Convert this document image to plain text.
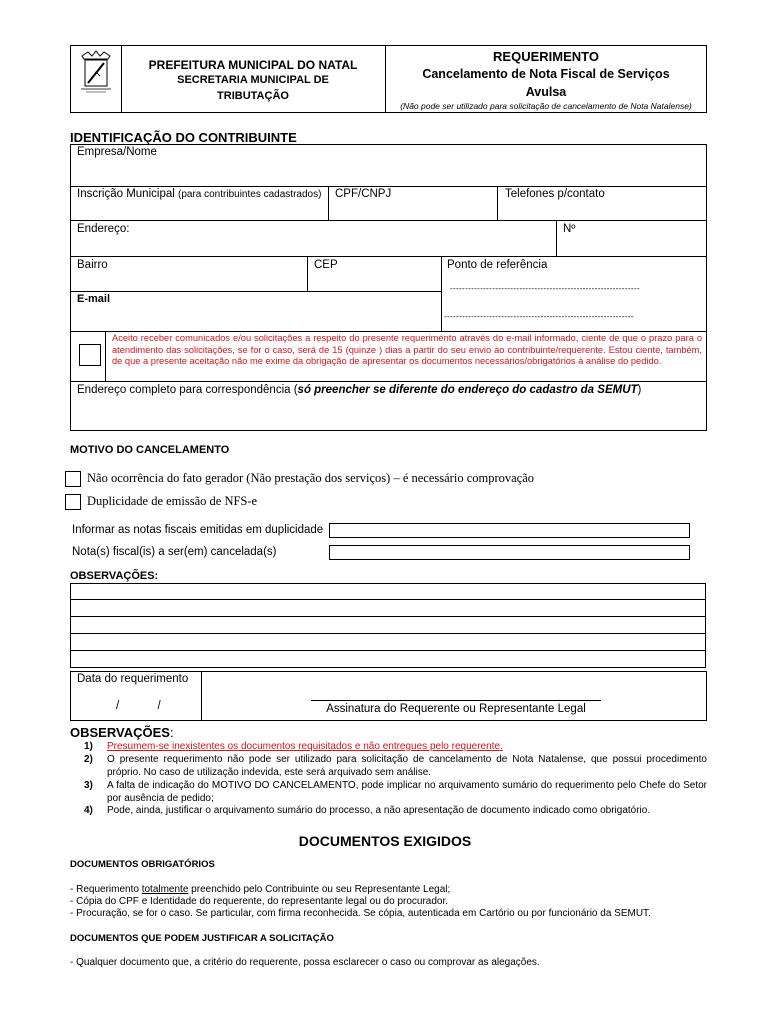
PREFEITURA MUNICIPAL DO NATAL
SECRETARIA MUNICIPAL DE
TRIBUTAÇÃO
REQUERIMENTO
Cancelamento de Nota Fiscal de Serviços
Avulsa
(Não pode ser utilizado para solicitação de cancelamento de Nota Natalense)
IDENTIFICAÇÃO DO CONTRIBUINTE
Empresa/Nome
Inscrição Municipal (para contribuintes cadastrados) CPF/CNPJ	Telefones p/contato
Endereço:	Nº
Bairro	CEP	Ponto de referência
---------------------------------------------------------------
---------------------------------------------------------------
E-mail
Aceito receber comunicados e/ou solicitações a respeito do presente requerimento através do e-mail informado, ciente de que o prazo para o atendimento das solicitações, se for o caso, será de 15 (quinze ) dias a partir do seu envio ao contribuinte/requerente. Estou ciente, também, de que a presente aceitação não me exime da obrigação de apresentar os documentos necessários/obrigatórios à análise do pedido.
Endereço completo para correspondência (só preencher se diferente do endereço do cadastro da SEMUT)
MOTIVO DO CANCELAMENTO
Não ocorrência do fato gerador (Não prestação dos serviços) – é necessário comprovação
Duplicidade de emissão de NFS-e
Informar as notas fiscais emitidas em duplicidade
Nota(s) fiscal(is) a ser(em) cancelada(s)
OBSERVAÇÕES:
Data do requerimento
/            /	Assinatura do Requerente ou Representante Legal
OBSERVAÇÕES:
1) Presumem-se inexistentes os documentos requisitados e não entregues pelo requerente.
2) O presente requerimento não pode ser utilizado para solicitação de cancelamento de Nota Natalense, que possui procedimento próprio. No caso de utilização indevida, este será arquivado sem análise.
3) A falta de indicação do MOTIVO DO CANCELAMENTO, pode implicar no arquivamento sumário do requerimento pelo Chefe do Setor por ausência de pedido;
4) Pode, ainda, justificar o arquivamento sumário do processo, a não apresentação de documento indicado como obrigatório.
DOCUMENTOS EXIGIDOS
DOCUMENTOS OBRIGATÓRIOS
- Requerimento totalmente preenchido pelo Contribuinte ou seu Representante Legal;
- Cópia do CPF e Identidade do requerente, do representante legal ou do procurador.
- Procuração, se for o caso. Se particular, com firma reconhecida. Se cópia, autenticada em Cartório ou por funcionário da SEMUT.
DOCUMENTOS QUE PODEM JUSTIFICAR A SOLICITAÇÃO
- Qualquer documento que, a critério do requerente, possa esclarecer o caso ou comprovar as alegações.
